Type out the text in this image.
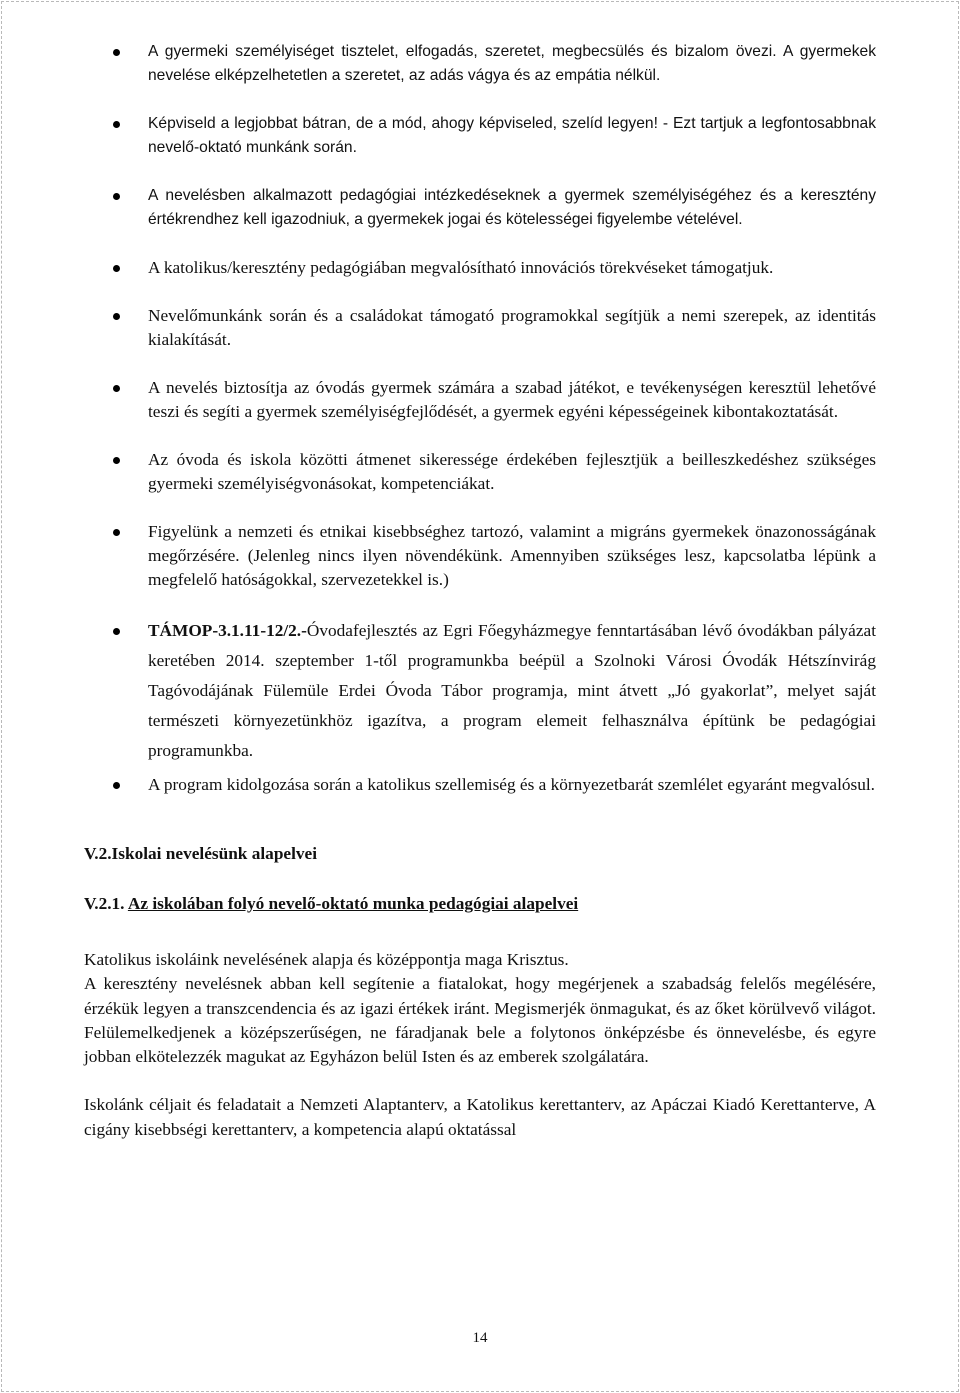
A gyermeki személyiséget tisztelet, elfogadás, szeretet, megbecsülés és bizalom övezi. A gyermekek nevelése elképzelhetetlen a szeretet, az adás vágya és az empátia nélkül.
Képviseld a legjobbat bátran, de a mód, ahogy képviseled, szelíd legyen! - Ezt tartjuk a legfontosabbnak nevelő-oktató munkánk során.
A nevelésben alkalmazott pedagógiai intézkedéseknek a gyermek személyiségéhez és a keresztény értékrendhez kell igazodniuk, a gyermekek jogai és kötelességei figyelembe vételével.
A katolikus/keresztény pedagógiában megvalósítható innovációs törekvéseket támogatjuk.
Nevelőmunkánk során és a családokat támogató programokkal segítjük a nemi szerepek, az identitás kialakítását.
A nevelés biztosítja az óvodás gyermek számára a szabad játékot, e tevékenységen keresztül lehetővé teszi és segíti a gyermek személyiségfejlődését, a gyermek egyéni képességeinek kibontakoztatását.
Az óvoda és iskola közötti átmenet sikeressége érdekében fejlesztjük a beilleszkedéshez szükséges gyermeki személyiségvonásokat, kompetenciákat.
Figyelünk a nemzeti és etnikai kisebbséghez tartozó, valamint a migráns gyermekek önazonosságának megőrzésére. (Jelenleg nincs ilyen növendékünk. Amennyiben szükséges lesz, kapcsolatba lépünk a megfelelő hatóságokkal, szervezetekkel is.)
TÁMOP-3.1.11-12/2.-Óvodafejlesztés az Egri Főegyházmegye fenntartásában lévő óvodákban pályázat keretében 2014. szeptember 1-től programunkba beépül a Szolnoki Városi Óvodák Hétszínvirág Tagóvodájának Fülemüle Erdei Óvoda Tábor programja, mint átvett „Jó gyakorlat”, melyet saját természeti környezetünkhöz igazítva, a program elemeit felhasználva építünk be pedagógiai programunkba.
A program kidolgozása során a katolikus szellemiség és a környezetbarát szemlélet egyaránt megvalósul.
V.2.Iskolai nevelésünk alapelvei
V.2.1. Az iskolában folyó nevelő-oktató munka pedagógiai alapelvei

Katolikus iskoláink nevelésének alapja és középpontja maga Krisztus.
A keresztény nevelésnek abban kell segítenie a fiatalokat, hogy megérjenek a szabadság felelős megélésére, érzékük legyen a transzcendencia és az igazi értékek iránt. Megismerjék önmagukat, és az őket körülvevő világot. Felülemelkedjenek a középszerűségen, ne fáradjanak bele a folytonos önképzésbe és önnevelésbe, és egyre jobban elkötelezzék magukat az Egyházon belül Isten és az emberek szolgálatára.

Iskolánk céljait és feladatait a Nemzeti Alaptanterv, a Katolikus kerettanterv, az Apáczai Kiadó Kerettanterve, A cigány kisebbségi kerettanterv, a kompetencia alapú oktatással

14
